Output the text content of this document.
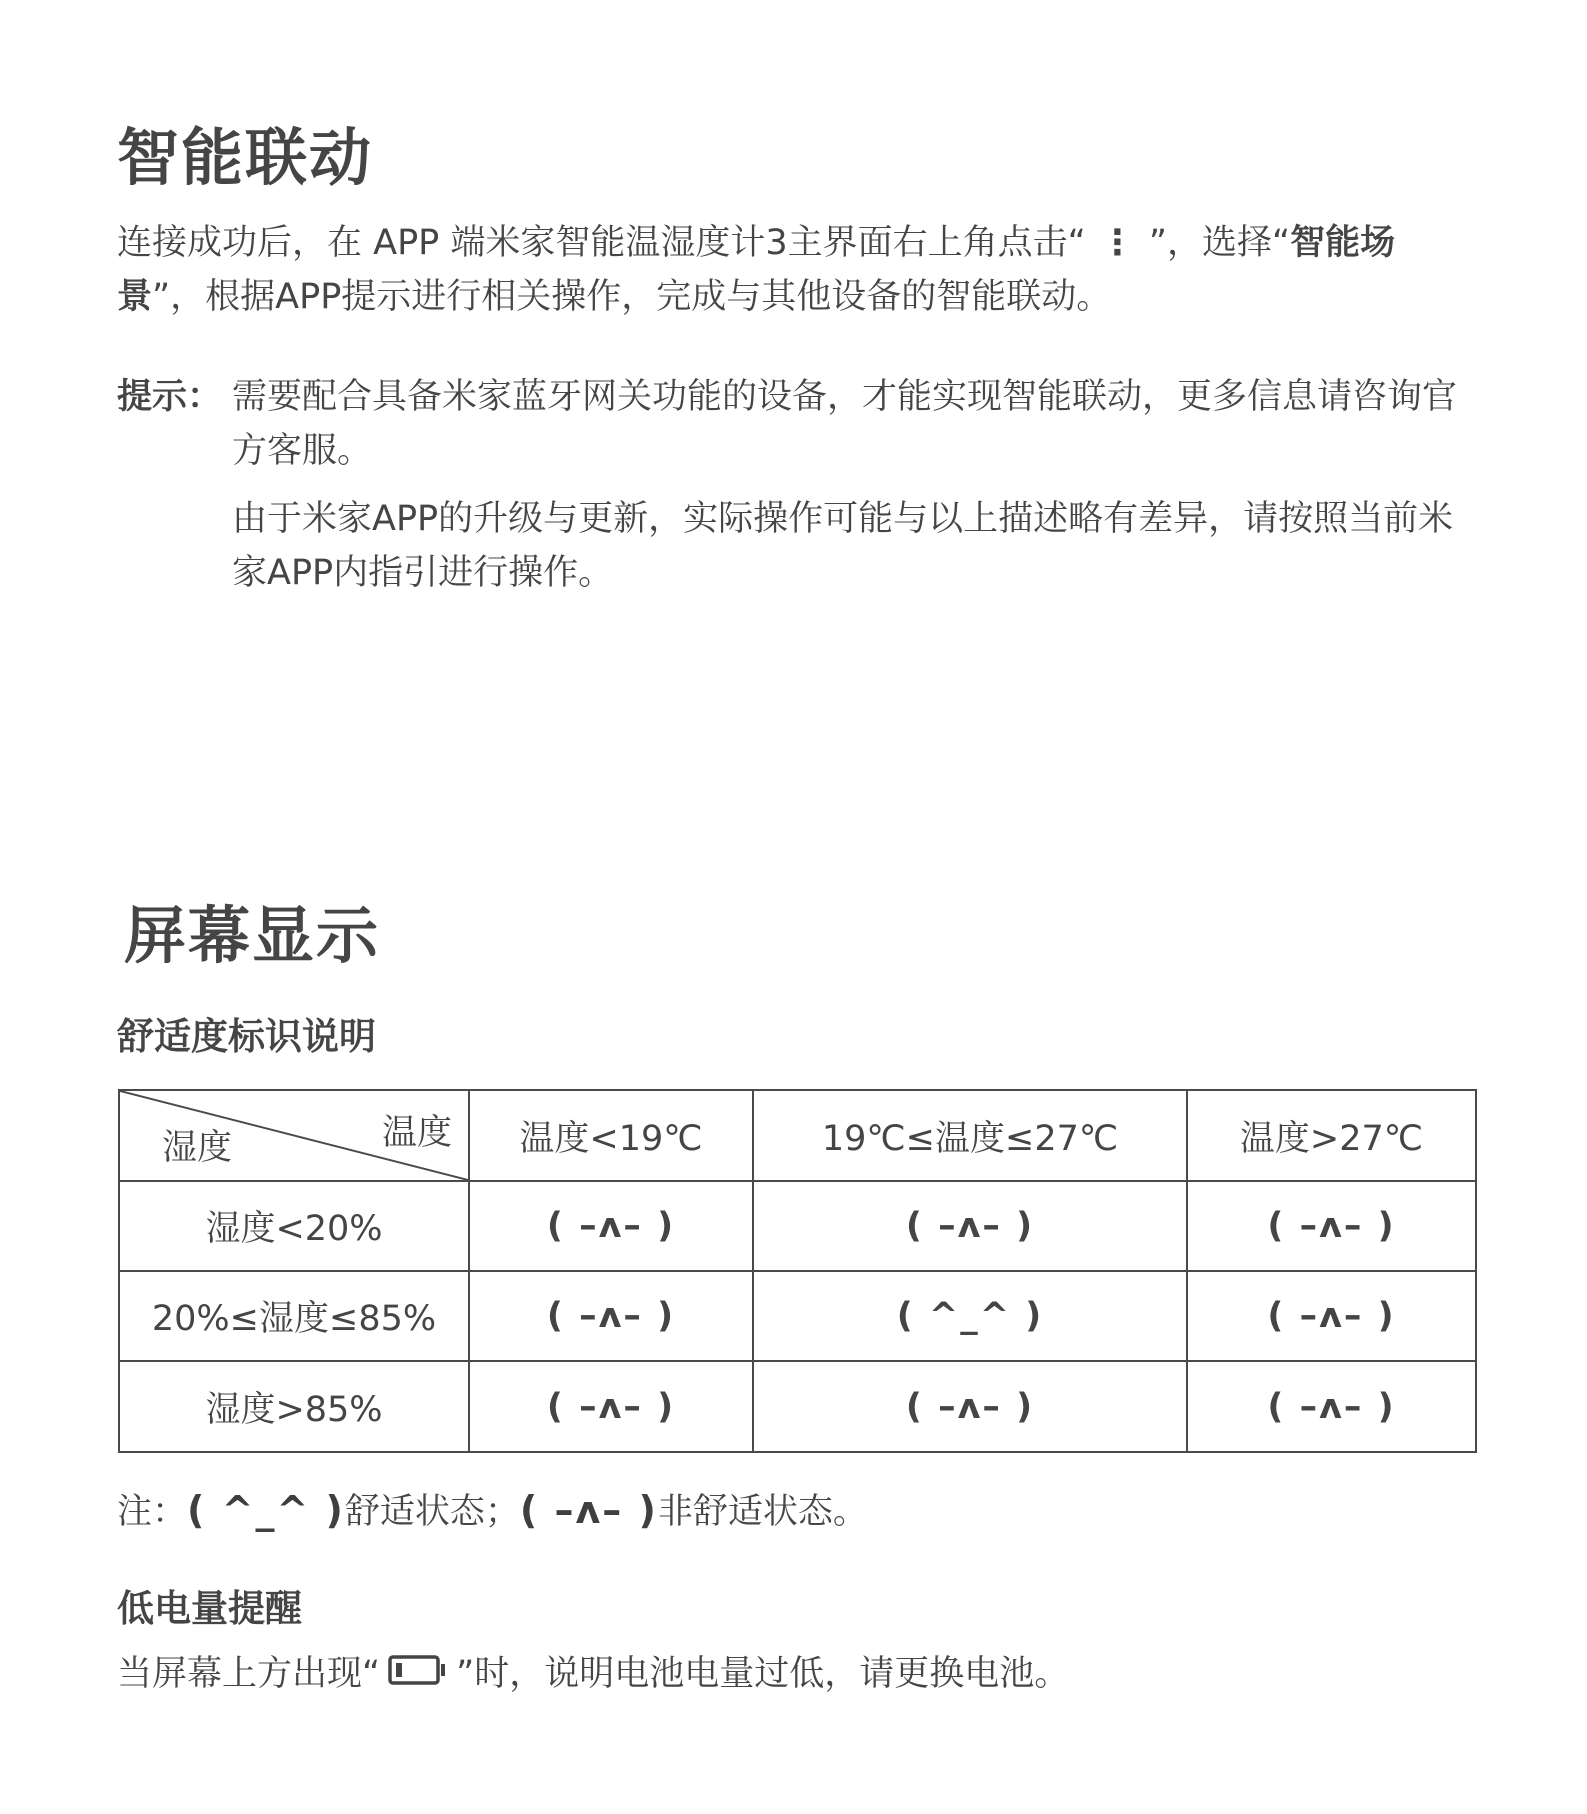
智能联动
连接成功后，在 APP 端米家智能温湿度计3主界面右上角点击“ ⋮ ”，选择“智能场景”，根据APP提示进行相关操作，完成与其他设备的智能联动。
提示： 需要配合具备米家蓝牙网关功能的设备，才能实现智能联动，更多信息请咨询官方客服。
由于米家APP的升级与更新，实际操作可能与以上描述略有差异，请按照当前米家APP内指引进行操作。
屏幕显示
舒适度标识说明
温度
湿度	温度<19℃	19℃≤温度≤27℃	温度>27℃
湿度<20%	( –ᴧ– )	( –ᴧ– )	( –ᴧ– )
20%≤湿度≤85%	( –ᴧ– )	( ^_^ )	( –ᴧ– )
湿度>85%	( –ᴧ– )	( –ᴧ– )	( –ᴧ– )
注：( ^_^ )舒适状态；( –ᴧ– )非舒适状态。
低电量提醒
当屏幕上方出现“ ”时，说明电池电量过低，请更换电池。
